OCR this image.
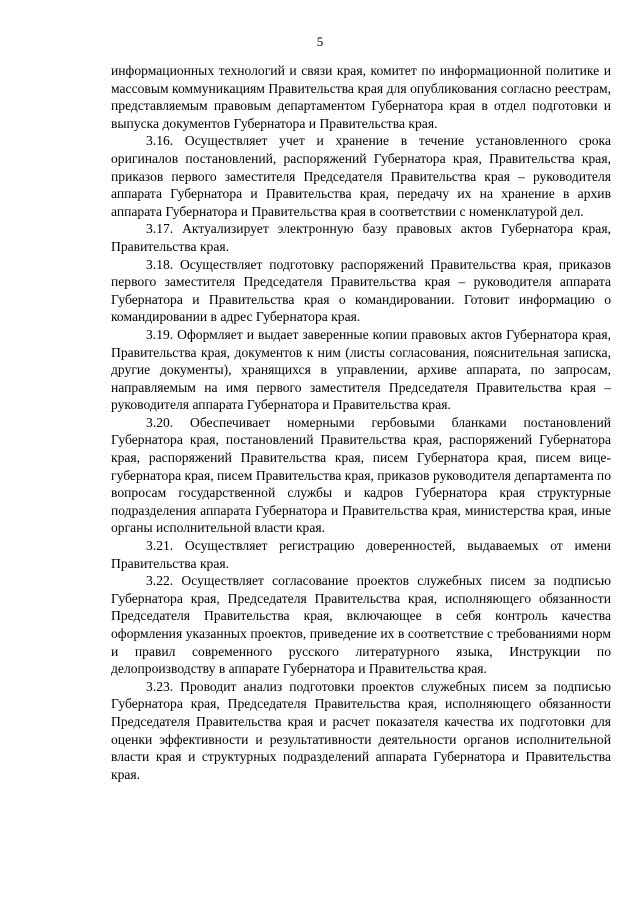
5

информационных технологий и связи края, комитет по информационной политике и массовым коммуникациям Правительства края для опубликования согласно реестрам, представляемым правовым департаментом Губернатора края в отдел подготовки и выпуска документов Губернатора и Правительства края.

3.16. Осуществляет учет и хранение в течение установленного срока оригиналов постановлений, распоряжений Губернатора края, Правительства края, приказов первого заместителя Председателя Правительства края – руководителя аппарата Губернатора и Правительства края, передачу их на хранение в архив аппарата Губернатора и Правительства края в соответствии с номенклатурой дел.

3.17. Актуализирует электронную базу правовых актов Губернатора края, Правительства края.

3.18. Осуществляет подготовку распоряжений Правительства края, приказов первого заместителя Председателя Правительства края – руководителя аппарата Губернатора и Правительства края о командировании. Готовит информацию о командировании в адрес Губернатора края.

3.19. Оформляет и выдает заверенные копии правовых актов Губернатора края, Правительства края, документов к ним (листы согласования, пояснительная записка, другие документы), хранящихся в управлении, архиве аппарата, по запросам, направляемым на имя первого заместителя Председателя Правительства края – руководителя аппарата Губернатора и Правительства края.

3.20. Обеспечивает номерными гербовыми бланками постановлений Губернатора края, постановлений Правительства края, распоряжений Губернатора края, распоряжений Правительства края, писем Губернатора края, писем вице-губернатора края, писем Правительства края, приказов руководителя департамента по вопросам государственной службы и кадров Губернатора края структурные подразделения аппарата Губернатора и Правительства края, министерства края, иные органы исполнительной власти края.

3.21. Осуществляет регистрацию доверенностей, выдаваемых от имени Правительства края.

3.22. Осуществляет согласование проектов служебных писем за подписью Губернатора края, Председателя Правительства края, исполняющего обязанности Председателя Правительства края, включающее в себя контроль качества оформления указанных проектов, приведение их в соответствие с требованиями норм и правил современного русского литературного языка, Инструкции по делопроизводству в аппарате Губернатора и Правительства края.

3.23. Проводит анализ подготовки проектов служебных писем за подписью Губернатора края, Председателя Правительства края, исполняющего обязанности Председателя Правительства края и расчет показателя качества их подготовки для оценки эффективности и результативности деятельности органов исполнительной власти края и структурных подразделений аппарата Губернатора и Правительства края.
